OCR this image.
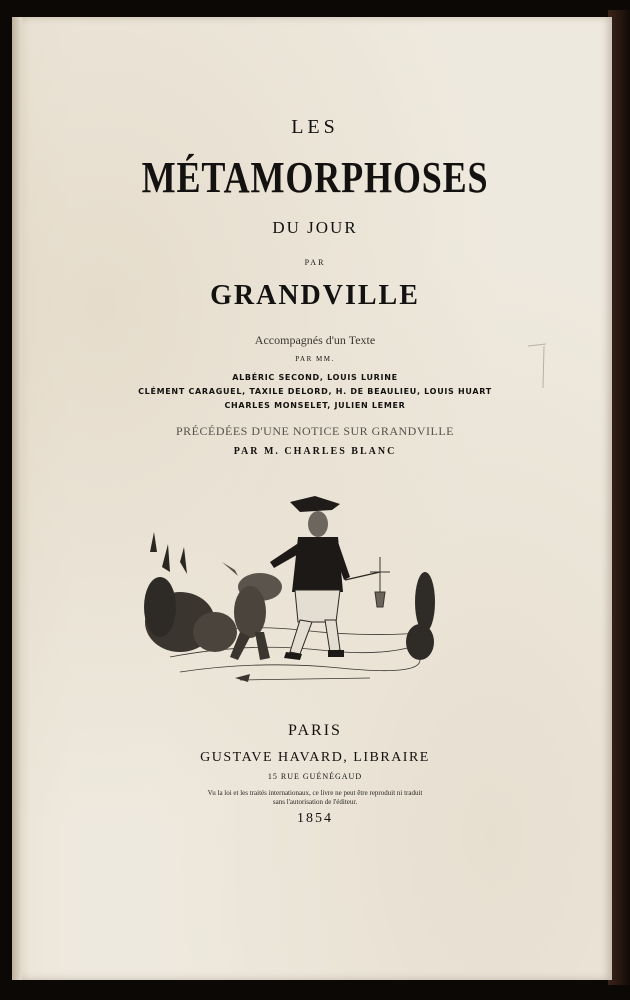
LES
MÉTAMORPHOSES
DU JOUR
PAR
GRANDVILLE
Accompagnés d'un Texte
PAR MM.
ALBÉRIC SECOND, LOUIS LURINE
CLÉMENT CARAGUEL, TAXILE DELORD, H. DE BEAULIEU, LOUIS HUART
CHARLES MONSELET, JULIEN LEMER
PRÉCÉDÉES D'UNE NOTICE SUR GRANDVILLE
PAR M. CHARLES BLANC
PARIS
GUSTAVE HAVARD, LIBRAIRE
15 RUE GUÉNÉGAUD
Vu la loi et les traités internationaux, ce livre ne peut être reproduit ni traduit
sans l'autorisation de l'éditeur.
1854
